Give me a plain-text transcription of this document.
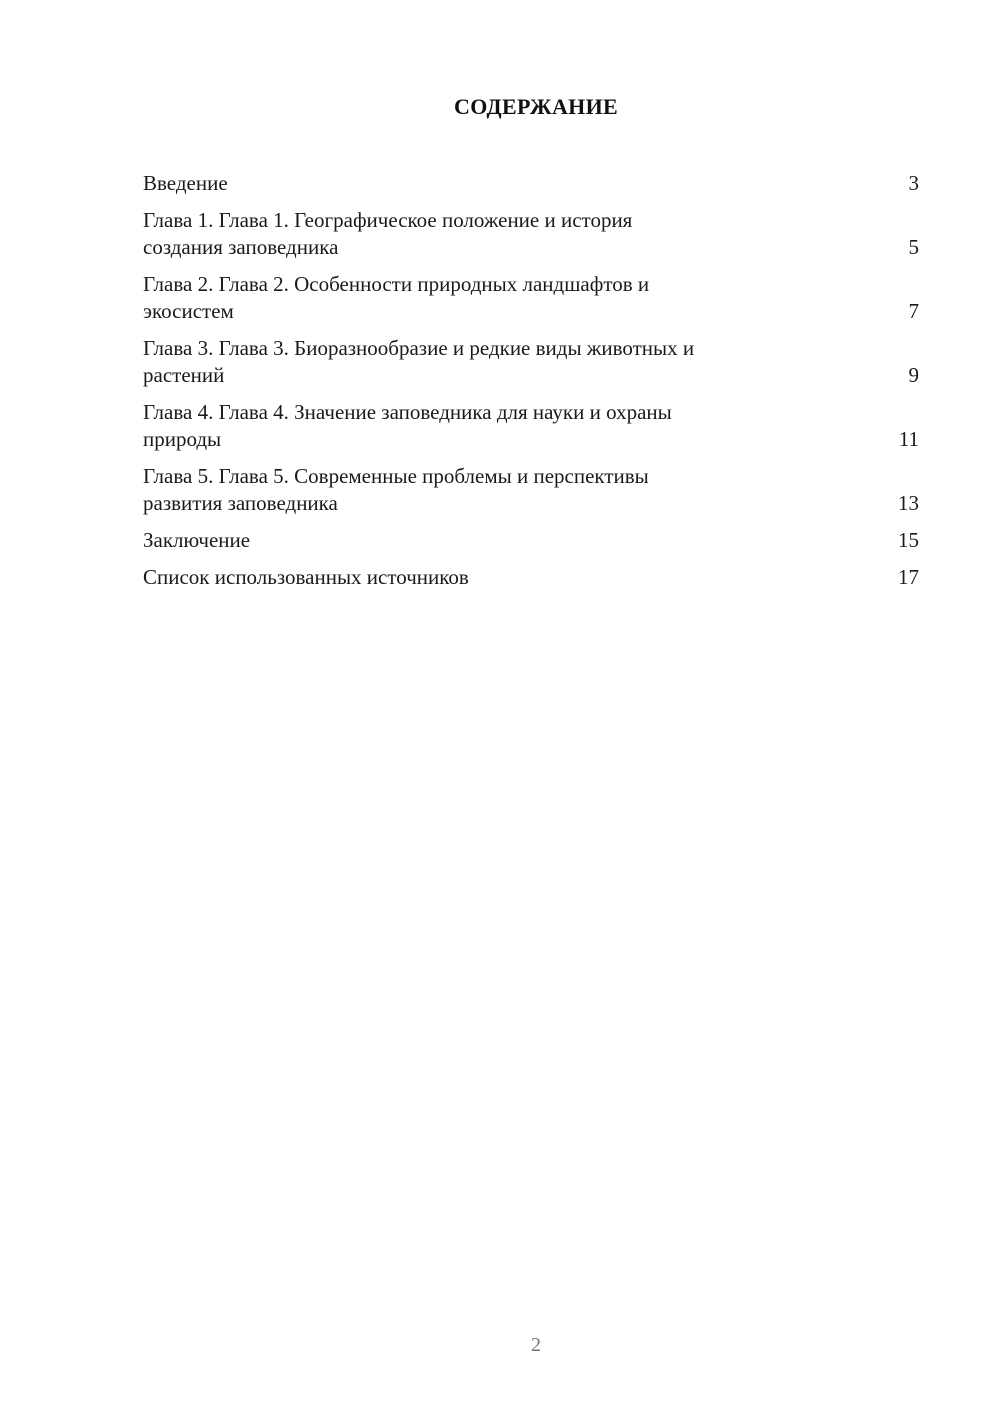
СОДЕРЖАНИЕ
Введение	3
Глава 1. Глава 1. Географическое положение и история
создания заповедника	5
Глава 2. Глава 2. Особенности природных ландшафтов и
экосистем	7
Глава 3. Глава 3. Биоразнообразие и редкие виды животных и
растений	9
Глава 4. Глава 4. Значение заповедника для науки и охраны
природы	11
Глава 5. Глава 5. Современные проблемы и перспективы
развития заповедника	13
Заключение	15
Список использованных источников	17
2
